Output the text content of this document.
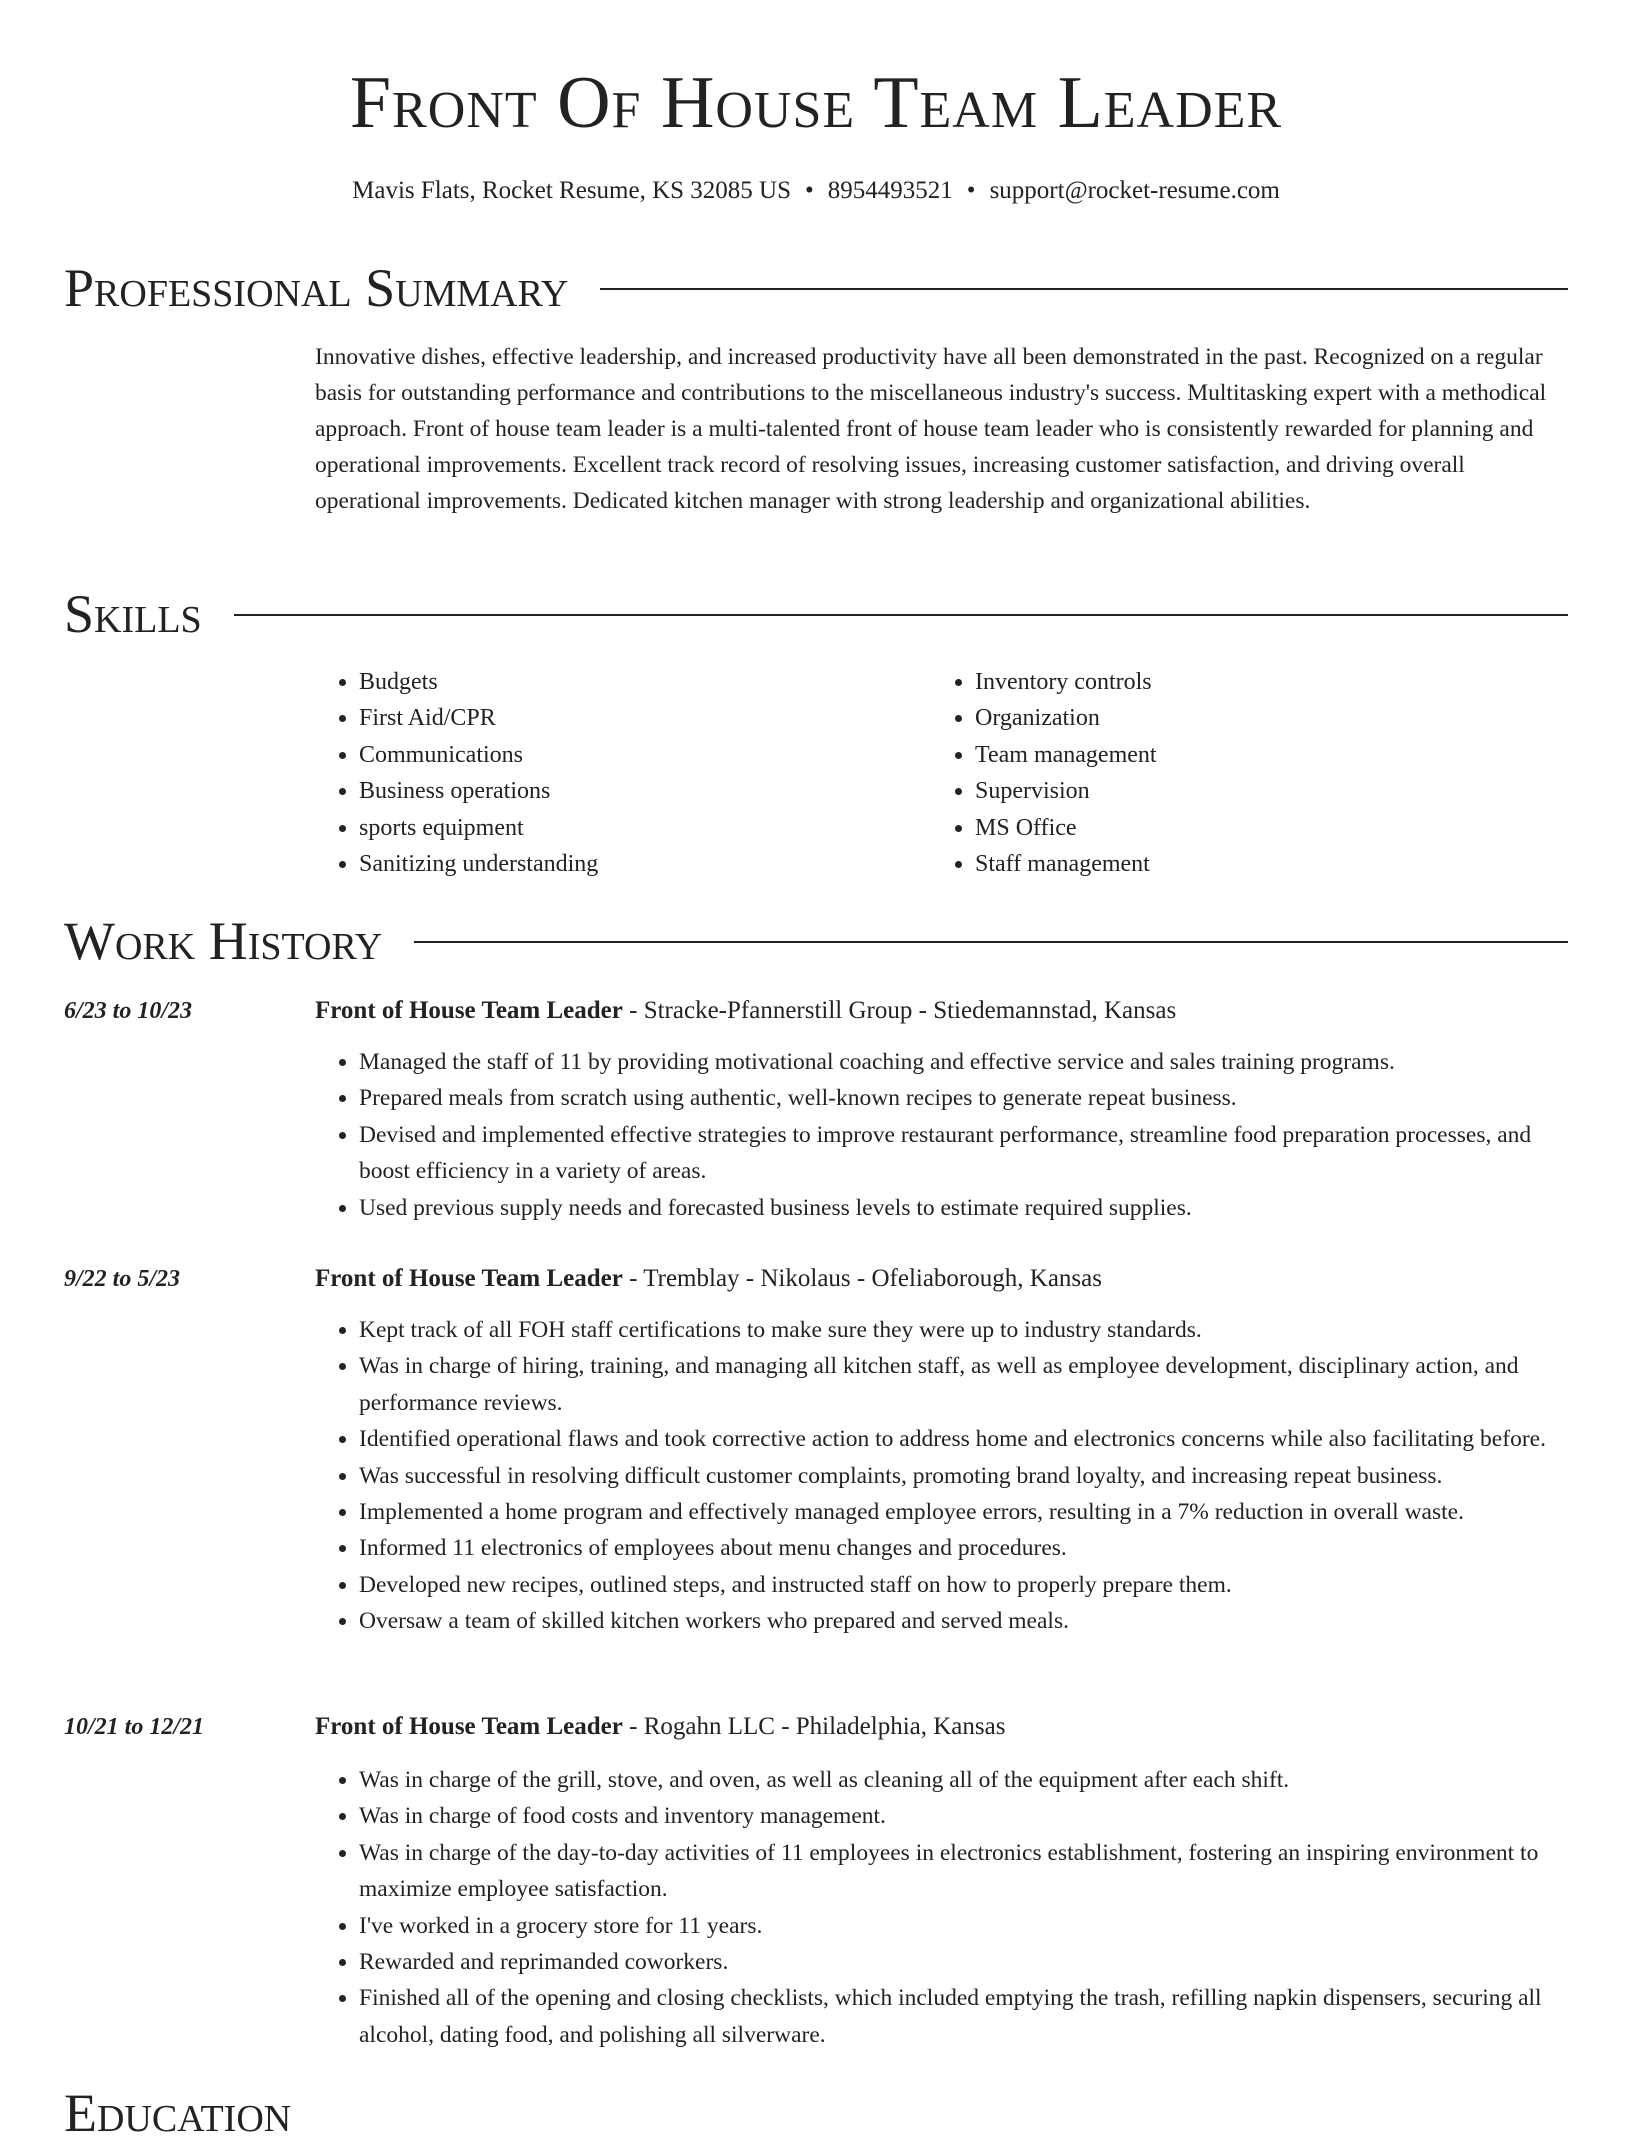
Front Of House Team Leader
Mavis Flats, Rocket Resume, KS 32085 US • 8954493521 • support@rocket-resume.com
Professional Summary

Innovative dishes, effective leadership, and increased productivity have all been demonstrated in the past. Recognized on a regular basis for outstanding performance and contributions to the miscellaneous industry's success. Multitasking expert with a methodical approach. Front of house team leader is a multi-talented front of house team leader who is consistently rewarded for planning and operational improvements. Excellent track record of resolving issues, increasing customer satisfaction, and driving overall operational improvements. Dedicated kitchen manager with strong leadership and organizational abilities.

Skills
• Budgets
• First Aid/CPR
• Communications
• Business operations
• sports equipment
• Sanitizing understanding
• Inventory controls
• Organization
• Team management
• Supervision
• MS Office
• Staff management
Work History
6/23 to 10/23	Front of House Team Leader - Stracke-Pfannerstill Group - Stiedemannstad, Kansas
• Managed the staff of 11 by providing motivational coaching and effective service and sales training programs.
• Prepared meals from scratch using authentic, well-known recipes to generate repeat business.
• Devised and implemented effective strategies to improve restaurant performance, streamline food preparation processes, and boost efficiency in a variety of areas.
• Used previous supply needs and forecasted business levels to estimate required supplies.
9/22 to 5/23	Front of House Team Leader - Tremblay - Nikolaus - Ofeliaborough, Kansas
• Kept track of all FOH staff certifications to make sure they were up to industry standards.
• Was in charge of hiring, training, and managing all kitchen staff, as well as employee development, disciplinary action, and performance reviews.
• Identified operational flaws and took corrective action to address home and electronics concerns while also facilitating before.
• Was successful in resolving difficult customer complaints, promoting brand loyalty, and increasing repeat business.
• Implemented a home program and effectively managed employee errors, resulting in a 7% reduction in overall waste.
• Informed 11 electronics of employees about menu changes and procedures.
• Developed new recipes, outlined steps, and instructed staff on how to properly prepare them.
• Oversaw a team of skilled kitchen workers who prepared and served meals.
10/21 to 12/21	Front of House Team Leader - Rogahn LLC - Philadelphia, Kansas
• Was in charge of the grill, stove, and oven, as well as cleaning all of the equipment after each shift.
• Was in charge of food costs and inventory management.
• Was in charge of the day-to-day activities of 11 employees in electronics establishment, fostering an inspiring environment to maximize employee satisfaction.
• I've worked in a grocery store for 11 years.
• Rewarded and reprimanded coworkers.
• Finished all of the opening and closing checklists, which included emptying the trash, refilling napkin dispensers, securing all alcohol, dating food, and polishing all silverware.
Education
